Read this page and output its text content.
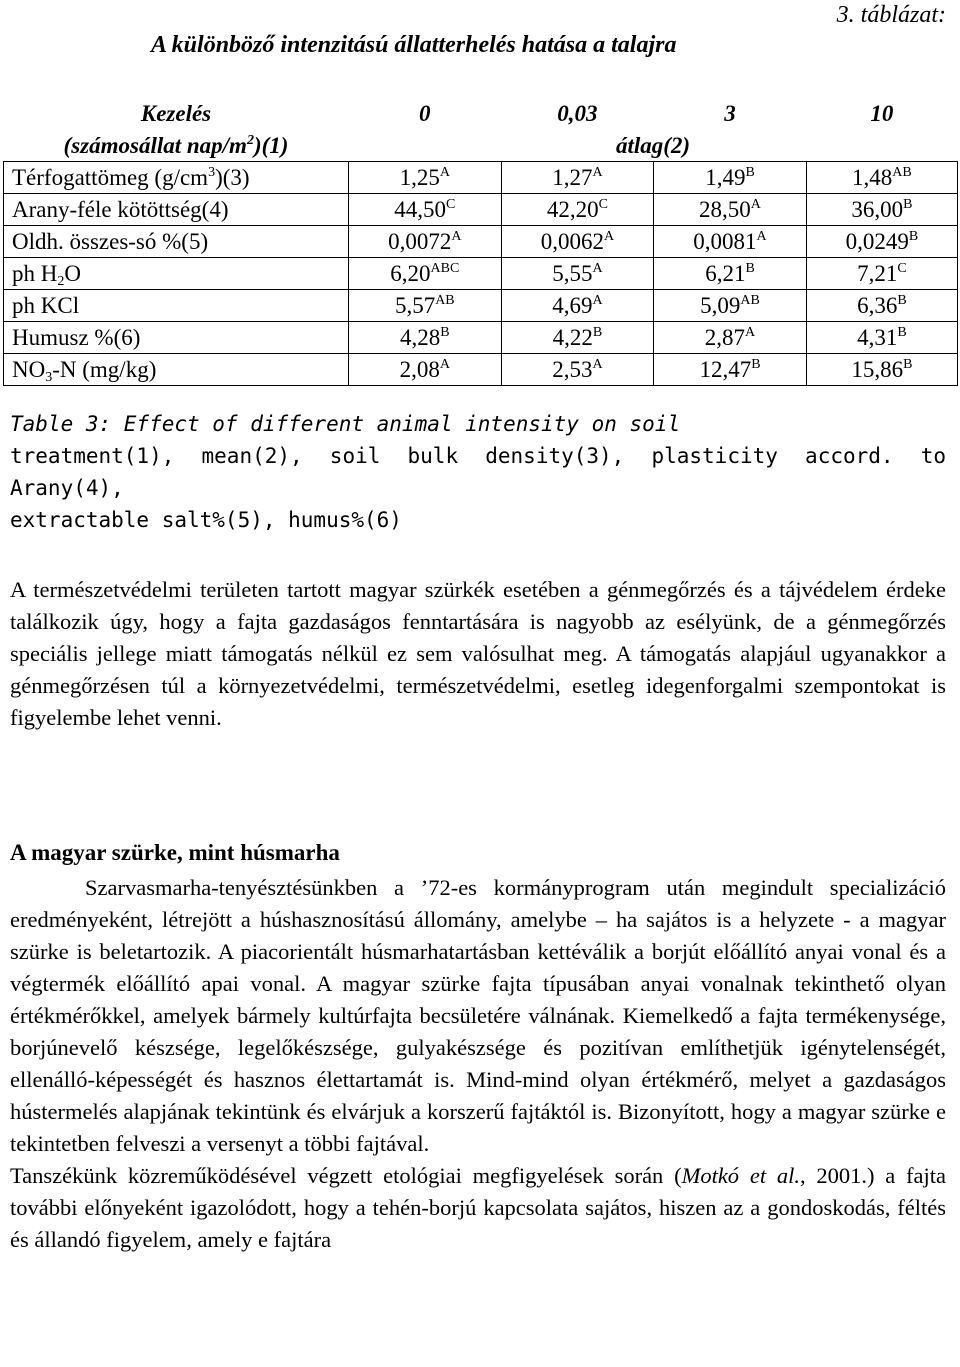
3. táblázat:
A különböző intenzitású állatterhelés hatása a talajra
Kezelés	0	0,03	3	10
(számosállat nap/$m^2)(1)$	átlag(2)			
Térfogattömeg $(g/cm^3)(3)$	$1,25^A$	$1,27^A$	$1,49^B$	$1,48^{AB}$
Arany-féle kötöttség(4)	$44,50^C$	$42,20^C$	$28,50^A$	$36,00^B$
Oldh. összes-só %(5)	$0,0072^A$	$0,0062^A$	$0,0081^A$	$0,0249^B$
ph $H_2O$	$6,20^{ABC}$	$5,55^A$	$6,21^B$	$7,21^C$
ph KCl	$5,57^{AB}$	$4,69^A$	$5,09^{AB}$	$6,36^B$
Humusz %(6)	$4,28^B$	$4,22^B$	$2,87^A$	$4,31^B$
$NO_3-N$ (mg/kg)	$2,08^A$	$2,53^A$	$12,47^B$	$15,86^B$
Table 3: Effect of different animal intensity on soil
treatment(1), mean(2), soil bulk density(3), plasticity accord. to Arany(4),
extractable salt%(5), humus%(6)
A természetvédelmi területen tartott magyar szürkék esetében a génmegőrzés és a tájvédelem érdeke találkozik úgy, hogy a fajta gazdaságos fenntartására is nagyobb az esélyünk, de a génmegőrzés speciális jellege miatt támogatás nélkül ez sem valósulhat meg. A támogatás alapjául ugyanakkor a génmegőrzésen túl a környezetvédelmi, természetvédelmi, esetleg idegenforgalmi szempontokat is figyelembe lehet venni.
A magyar szürke, mint húsmarha
Szarvasmarha-tenyésztésünkben a ’72-es kormányprogram után megindult specializáció eredményeként, létrejött a húshasznosítású állomány, amelybe – ha sajátos is a helyzete - a magyar szürke is beletartozik. A piacorientált húsmarhatartásban kettéválik a borjút előállító anyai vonal és a végtermék előállító apai vonal. A magyar szürke fajta típusában anyai vonalnak tekinthető olyan értékmérőkkel, amelyek bármely kultúrfajta becsületére válnának. Kiemelkedő a fajta termékenysége, borjúnevelő készsége, legelőkészsége, gulyakészsége és pozitívan említhetjük igénytelenségét, ellenálló-képességét és hasznos élettartamát is. Mind-mind olyan értékmérő, melyet a gazdaságos hústermelés alapjának tekintünk és elvárjuk a korszerű fajtáktól is. Bizonyított, hogy a magyar szürke e tekintetben felveszi a versenyt a többi fajtával.
Tanszékünk közreműködésével végzett etológiai megfigyelések során (Motkó et al., 2001.) a fajta további előnyeként igazolódott, hogy a tehén-borjú kapcsolata sajátos, hiszen az a gondoskodás, féltés és állandó figyelem, amely e fajtára
